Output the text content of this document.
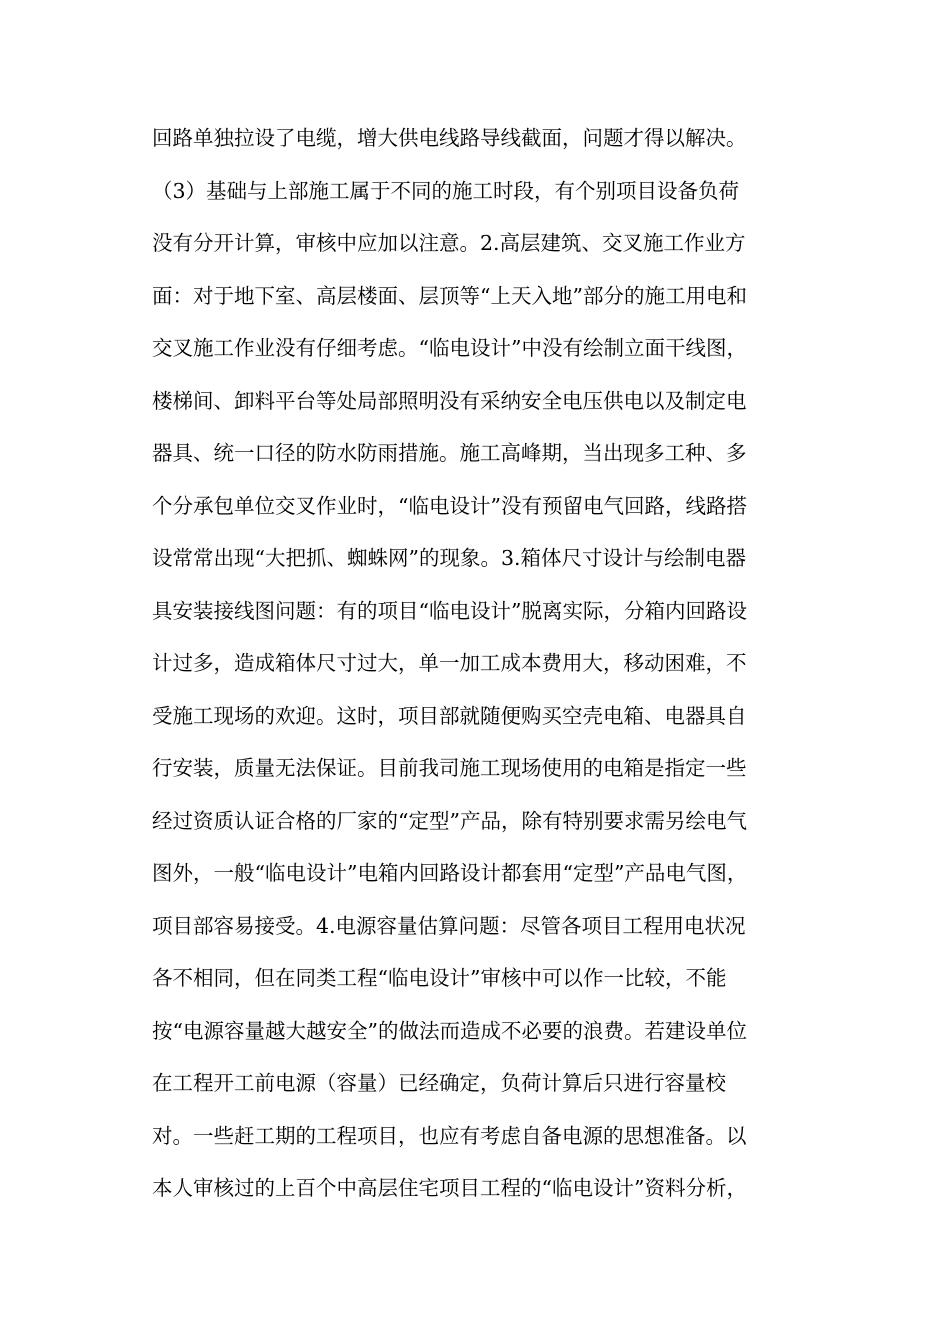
回路单独拉设了电缆，增大供电线路导线截面，问题才得以解决。
（3）基础与上部施工属于不同的施工时段，有个别项目设备负荷
没有分开计算，审核中应加以注意。2.高层建筑、交叉施工作业方
面：对于地下室、高层楼面、层顶等“上天入地”部分的施工用电和
交叉施工作业没有仔细考虑。“临电设计”中没有绘制立面干线图，
楼梯间、卸料平台等处局部照明没有采纳安全电压供电以及制定电
器具、统一口径的防水防雨措施。施工高峰期，当出现多工种、多
个分承包单位交叉作业时，“临电设计”没有预留电气回路，线路搭
设常常出现“大把抓、蜘蛛网”的现象。3.箱体尺寸设计与绘制电器
具安装接线图问题：有的项目“临电设计”脱离实际，分箱内回路设
计过多，造成箱体尺寸过大，单一加工成本费用大，移动困难，不
受施工现场的欢迎。这时，项目部就随便购买空壳电箱、电器具自
行安装，质量无法保证。目前我司施工现场使用的电箱是指定一些
经过资质认证合格的厂家的“定型”产品，除有特别要求需另绘电气
图外，一般“临电设计”电箱内回路设计都套用“定型”产品电气图，
项目部容易接受。4.电源容量估算问题：尽管各项目工程用电状况
各不相同，但在同类工程“临电设计”审核中可以作一比较，不能
按“电源容量越大越安全”的做法而造成不必要的浪费。若建设单位
在工程开工前电源（容量）已经确定，负荷计算后只进行容量校
对。一些赶工期的工程项目，也应有考虑自备电源的思想准备。以
本人审核过的上百个中高层住宅项目工程的“临电设计”资料分析，
